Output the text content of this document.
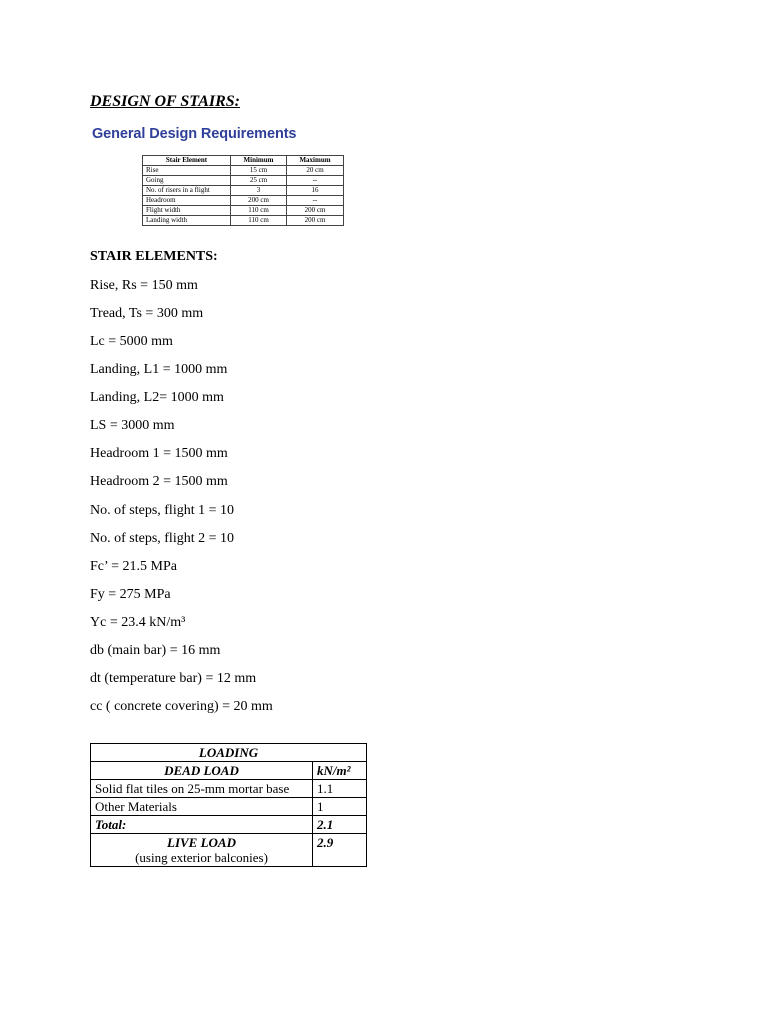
DESIGN OF STAIRS:
General Design Requirements
Stair Element	Minimum	Maximum
Rise	15 cm	20 cm
Going	25 cm	--
No. of risers in a flight	3	16
Headroom	200 cm	--
Flight width	110 cm	200 cm
Landing width	110 cm	200 cm
STAIR ELEMENTS:
Rise, Rs = 150 mm
Tread, Ts = 300 mm
Lc = 5000 mm
Landing, L1 = 1000 mm
Landing, L2= 1000 mm
LS = 3000 mm
Headroom 1 = 1500 mm
Headroom 2 = 1500 mm
No. of steps, flight 1 = 10
No. of steps, flight 2 = 10
Fc’ = 21.5 MPa
Fy = 275 MPa
Yc = 23.4 kN/m³
db (main bar) = 16 mm
dt (temperature bar) = 12 mm
cc ( concrete covering) = 20 mm
LOADING	
DEAD LOAD	kN/m²
Solid flat tiles on 25-mm mortar base	1.1
Other Materials	1
Total:	2.1
LIVE LOAD
(using exterior balconies)	2.9
